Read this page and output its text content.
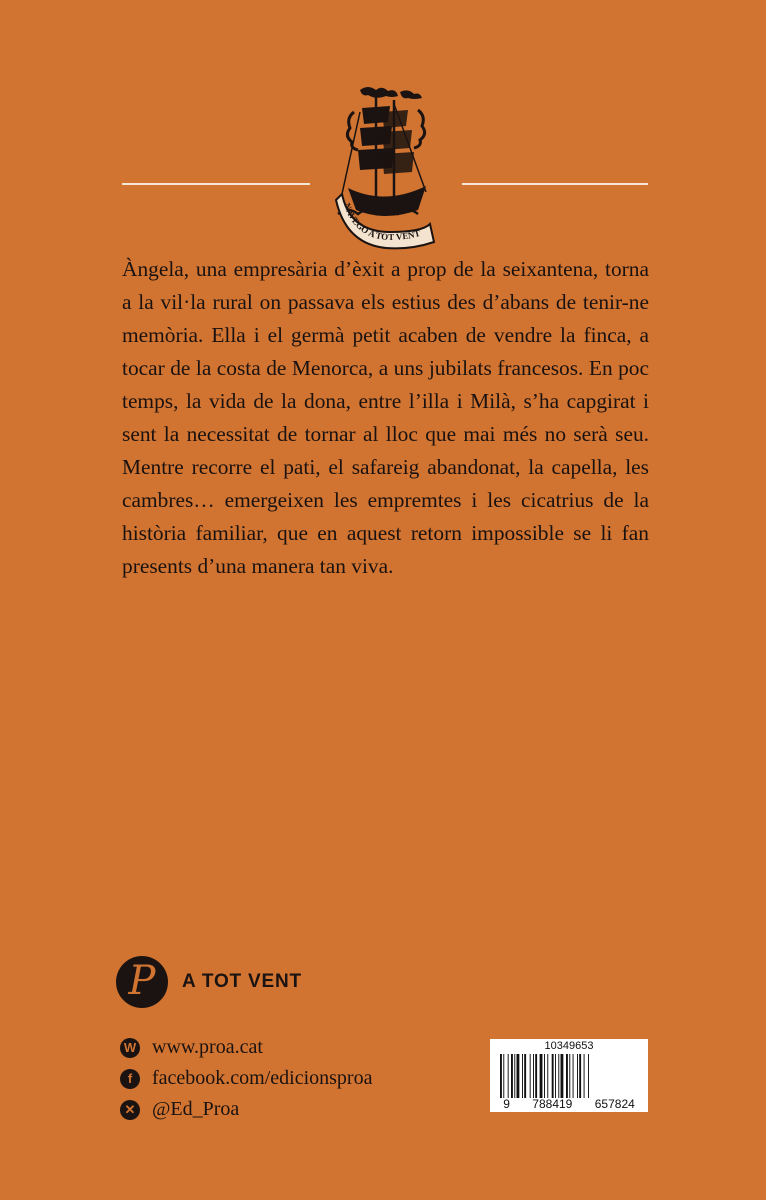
NAVEGO A TOT VENT

Àngela, una empresària d’èxit a prop de la seixantena, torna a la vil·la rural on passava els estius des d’abans de tenir-ne memòria. Ella i el germà petit acaben de vendre la finca, a tocar de la costa de Menorca, a uns jubilats francesos. En poc temps, la vida de la dona, entre l’illa i Milà, s’ha capgirat i sent la necessitat de tornar al lloc que mai més no serà seu. Mentre recorre el pati, el safareig abandonat, la capella, les cambres… emergeixen les empremtes i les cicatrius de la història familiar, que en aquest retorn impossible se li fan presents d’una manera tan viva.

P A TOT VENT
W www.proa.cat
f facebook.com/edicionsproa
✕ @Ed_Proa
10349653
9 788419 657824
